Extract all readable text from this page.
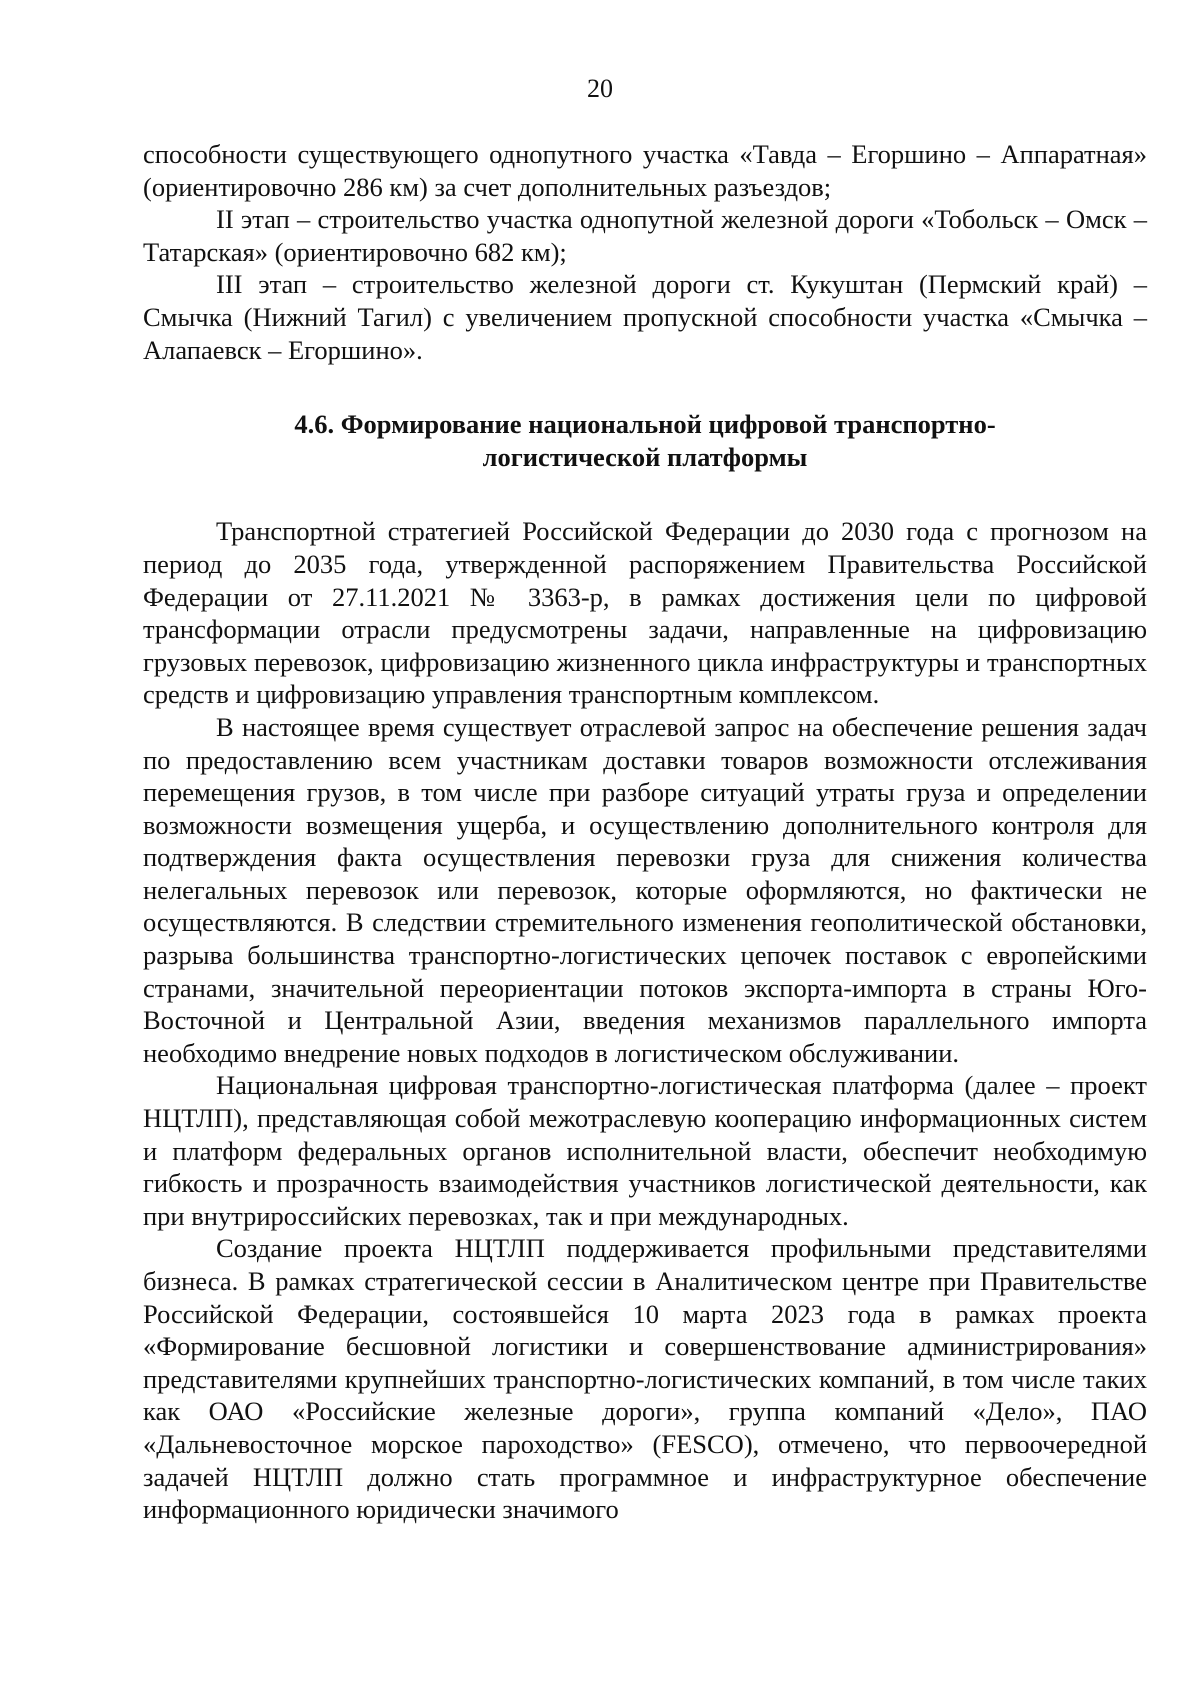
20

способности существующего однопутного участка «Тавда – Егоршино – Аппаратная» (ориентировочно 286 км) за счет дополнительных разъездов;

II этап – строительство участка однопутной железной дороги «Тобольск – Омск – Татарская» (ориентировочно 682 км);

III этап – строительство железной дороги ст. Кукуштан (Пермский край) – Смычка (Нижний Тагил) с увеличением пропускной способности участка «Смычка – Алапаевск – Егоршино».

4.6. Формирование национальной цифровой транспортно-
логистической платформы

Транспортной стратегией Российской Федерации до 2030 года с прогнозом на период до 2035 года, утвержденной распоряжением Правительства Российской Федерации от 27.11.2021 № 3363-р, в рамках достижения цели по цифровой трансформации отрасли предусмотрены задачи, направленные на цифровизацию грузовых перевозок, цифровизацию жизненного цикла инфраструктуры и транспортных средств и цифровизацию управления транспортным комплексом.

В настоящее время существует отраслевой запрос на обеспечение решения задач по предоставлению всем участникам доставки товаров возможности отслеживания перемещения грузов, в том числе при разборе ситуаций утраты груза и определении возможности возмещения ущерба, и осуществлению дополнительного контроля для подтверждения факта осуществления перевозки груза для снижения количества нелегальных перевозок или перевозок, которые оформляются, но фактически не осуществляются. В следствии стремительного изменения геополитической обстановки, разрыва большинства транспортно-логистических цепочек поставок с европейскими странами, значительной переориентации потоков экспорта-импорта в страны Юго-Восточной и Центральной Азии, введения механизмов параллельного импорта необходимо внедрение новых подходов в логистическом обслуживании.

Национальная цифровая транспортно-логистическая платформа (далее – проект НЦТЛП), представляющая собой межотраслевую кооперацию информационных систем и платформ федеральных органов исполнительной власти, обеспечит необходимую гибкость и прозрачность взаимодействия участников логистической деятельности, как при внутрироссийских перевозках, так и при международных.

Создание проекта НЦТЛП поддерживается профильными представителями бизнеса. В рамках стратегической сессии в Аналитическом центре при Правительстве Российской Федерации, состоявшейся 10 марта 2023 года в рамках проекта «Формирование бесшовной логистики и совершенствование администрирования» представителями крупнейших транспортно-логистических компаний, в том числе таких как ОАО «Российские железные дороги», группа компаний «Дело», ПАО «Дальневосточное морское пароходство» (FESCO), отмечено, что первоочередной задачей НЦТЛП должно стать программное и инфраструктурное обеспечение информационного юридически значимого
